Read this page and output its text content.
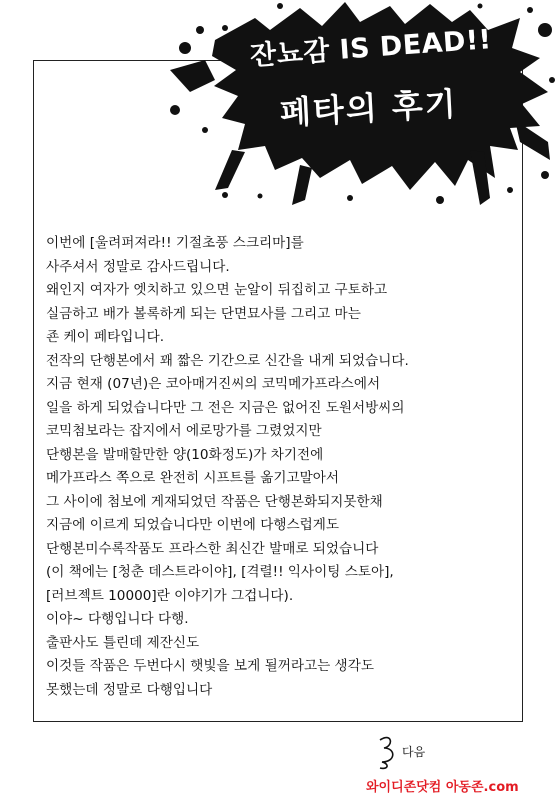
잔뇨감 IS DEAD!!
페타의 후기
이번에 [울려퍼져라!! 기절초풍 스크리마]를
사주셔서 정말로 감사드립니다.
왜인지 여자가 엣치하고 있으면 눈알이 뒤집히고 구토하고
실금하고 배가 볼록하게 되는 단면묘사를 그리고 마는
죤 케이 페타입니다.
전작의 단행본에서 꽤 짧은 기간으로 신간을 내게 되었습니다.
지금 현재 (07년)은 코아매거진씨의 코믹메가프라스에서
일을 하게 되었습니다만 그 전은 지금은 없어진 도원서방씨의
코믹첨보라는 잡지에서 에로망가를 그렸었지만
단행본을 발매할만한 양(10화정도)가 차기전에
메가프라스 쪽으로 완전히 시프트를 옮기고말아서
그 사이에 첨보에 게재되었던 작품은 단행본화되지못한채
지금에 이르게 되었습니다만 이번에 다행스럽게도
단행본미수록작품도 프라스한 최신간 발매로 되었습니다
(이 책에는 [청춘 데스트라이야], [격렬!! 익사이팅 스토아],
[러브젝트 10000]란 이야기가 그겁니다).
이야~ 다행입니다 다행.
출판사도 틀린데 제잔신도
이것들 작품은 두번다시 햇빛을 보게 될꺼라고는 생각도
못했는데 정말로 다행입니다
다음
와이디존닷컴 아동존.com
